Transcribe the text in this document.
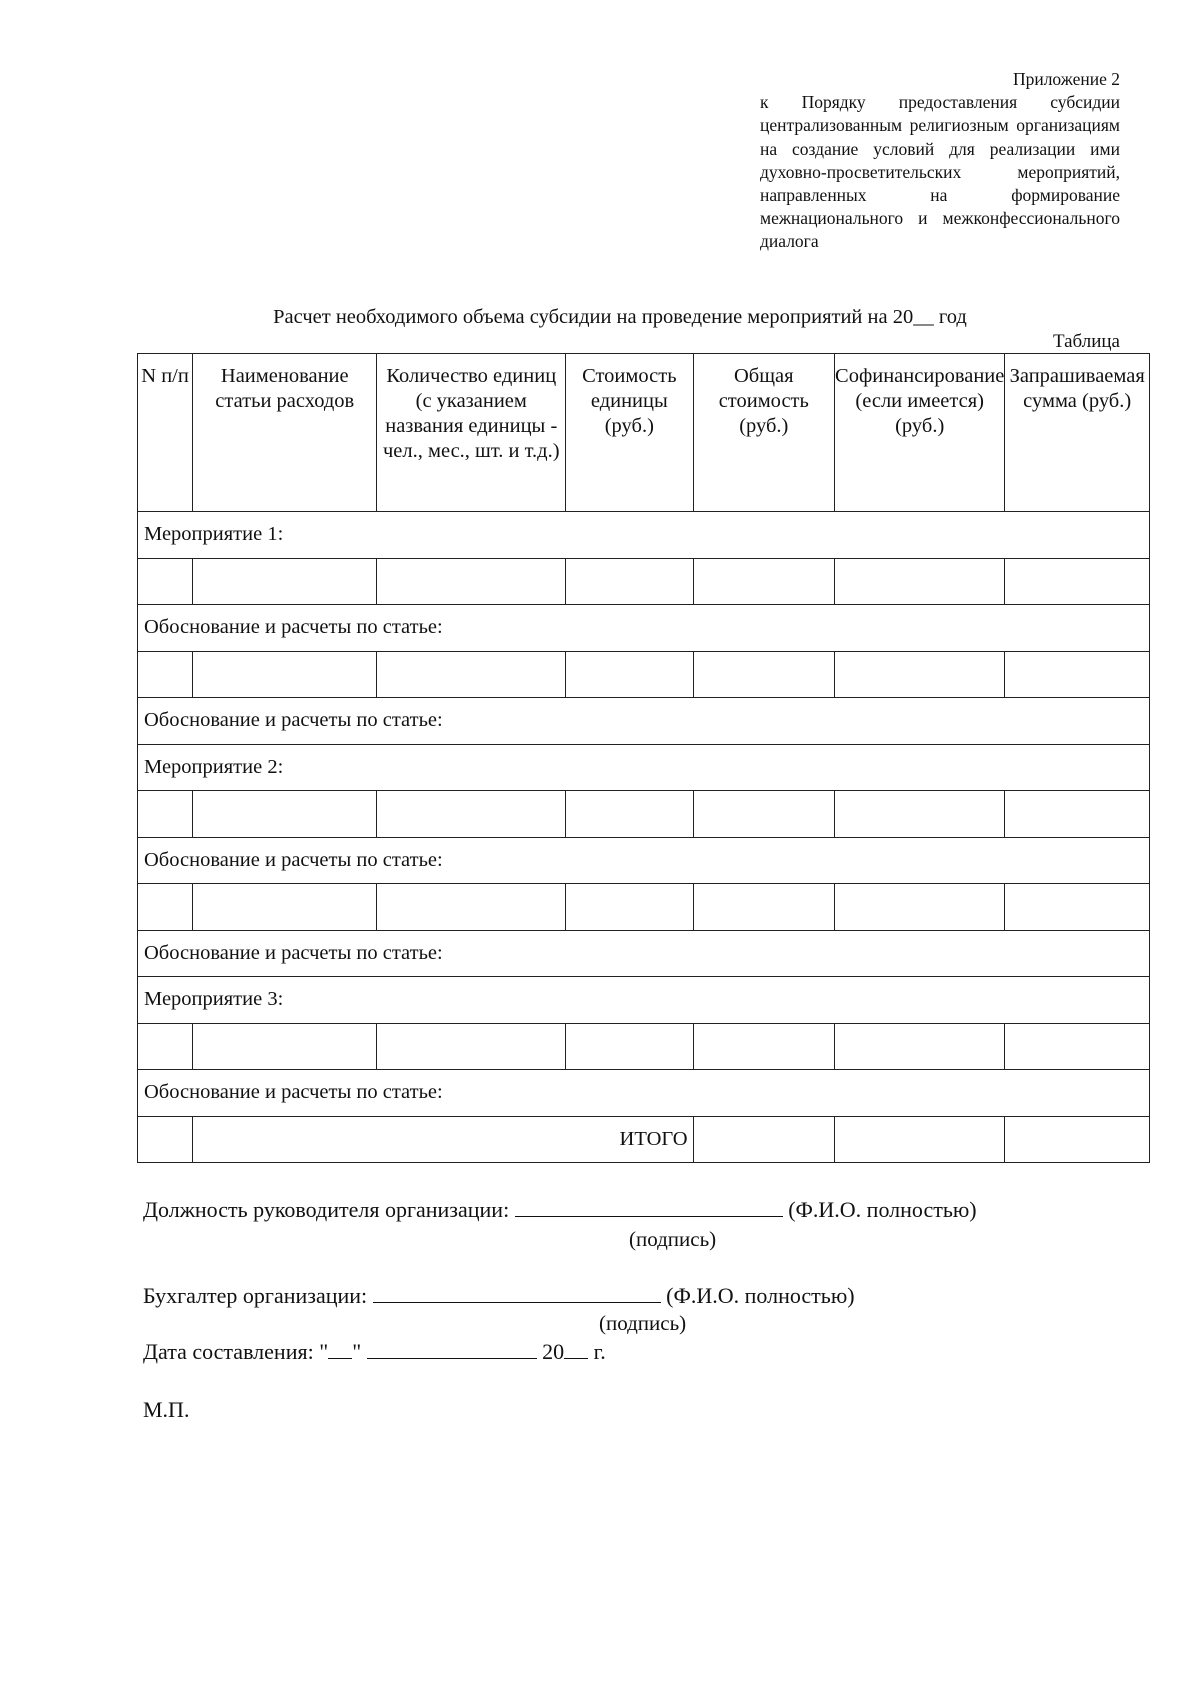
Приложение 2
к Порядку предоставления субсидии централизованным религиозным организациям на создание условий для реализации ими духовно-просветительских мероприятий, направленных на формирование межнационального и межконфессионального диалога
Расчет необходимого объема субсидии на проведение мероприятий на 20__ год
Таблица
N п/п	Наименование статьи расходов	Количество единиц (с указанием названия единицы - чел., мес., шт. и т.д.)	Стоимость единицы (руб.)	Общая стоимость (руб.)	Софинансирование (если имеется) (руб.)	Запрашиваемая сумма (руб.)
Мероприятие 1:						

Обоснование и расчеты по статье:						

Обоснование и расчеты по статье:						
Мероприятие 2:						

Обоснование и расчеты по статье:						

Обоснование и расчеты по статье:						
Мероприятие 3:						

Обоснование и расчеты по статье:						
	ИТОГО					
Должность руководителя организации:	(Ф.И.О. полностью)
(подпись)
Бухгалтер организации:	(Ф.И.О. полностью)
(подпись)
Дата составления: " "	20 г.
М.П.
